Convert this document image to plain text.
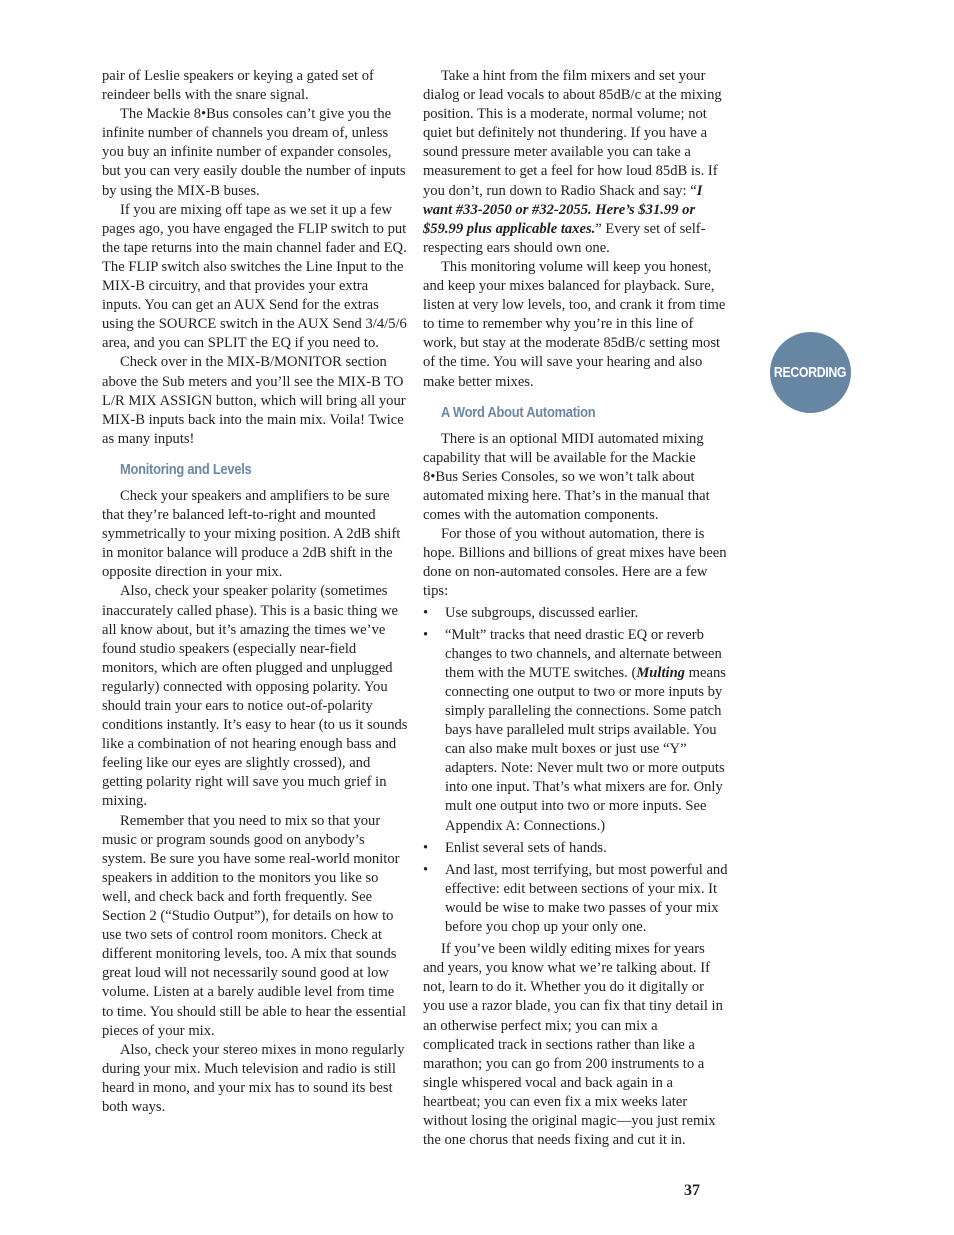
pair of Leslie speakers or keying a gated set of reindeer bells with the snare signal.

The Mackie 8•Bus consoles can’t give you the infinite number of channels you dream of, unless you buy an infinite number of expander consoles, but you can very easily double the number of inputs by using the MIX-B buses.

If you are mixing off tape as we set it up a few pages ago, you have engaged the FLIP switch to put the tape returns into the main channel fader and EQ. The FLIP switch also switches the Line Input to the MIX-B circuitry, and that provides your extra inputs. You can get an AUX Send for the extras using the SOURCE switch in the AUX Send 3/4/5/6 area, and you can SPLIT the EQ if you need to.

Check over in the MIX-B/MONITOR section above the Sub meters and you’ll see the MIX-B TO L/R MIX ASSIGN button, which will bring all your MIX-B inputs back into the main mix. Voila! Twice as many inputs!

Monitoring and Levels

Check your speakers and amplifiers to be sure that they’re balanced left-to-right and mounted symmetrically to your mixing position. A 2dB shift in monitor balance will produce a 2dB shift in the opposite direction in your mix.

Also, check your speaker polarity (sometimes inaccurately called phase). This is a basic thing we all know about, but it’s amazing the times we’ve found studio speakers (especially near-field monitors, which are often plugged and unplugged regularly) connected with opposing polarity. You should train your ears to notice out-of-polarity conditions instantly. It’s easy to hear (to us it sounds like a combination of not hearing enough bass and feeling like our eyes are slightly crossed), and getting polarity right will save you much grief in mixing.

Remember that you need to mix so that your music or program sounds good on anybody’s system. Be sure you have some real-world monitor speakers in addition to the monitors you like so well, and check back and forth frequently. See Section 2 (“Studio Output”), for details on how to use two sets of control room monitors. Check at different monitoring levels, too. A mix that sounds great loud will not necessarily sound good at low volume. Listen at a barely audible level from time to time. You should still be able to hear the essential pieces of your mix.

Also, check your stereo mixes in mono regularly during your mix. Much television and radio is still heard in mono, and your mix has to sound its best both ways.

Take a hint from the film mixers and set your dialog or lead vocals to about 85dB/c at the mixing position. This is a moderate, normal volume; not quiet but definitely not thundering. If you have a sound pressure meter available you can take a measurement to get a feel for how loud 85dB is. If you don’t, run down to Radio Shack and say: “I want #33-2050 or #32-2055. Here’s $31.99 or $59.99 plus applicable taxes.” Every set of self-respecting ears should own one.

This monitoring volume will keep you honest, and keep your mixes balanced for playback. Sure, listen at very low levels, too, and crank it from time to time to remember why you’re in this line of work, but stay at the moderate 85dB/c setting most of the time. You will save your hearing and also make better mixes.

A Word About Automation

There is an optional MIDI automated mixing capability that will be available for the Mackie 8•Bus Series Consoles, so we won’t talk about automated mixing here. That’s in the manual that comes with the automation components.

For those of you without automation, there is hope. Billions and billions of great mixes have been done on non-automated consoles. Here are a few tips:

• Use subgroups, discussed earlier.
• “Mult” tracks that need drastic EQ or reverb changes to two channels, and alternate between them with the MUTE switches. (Multing means connecting one output to two or more inputs by simply paralleling the connections. Some patch bays have paralleled mult strips available. You can also make mult boxes or just use “Y” adapters. Note: Never mult two or more outputs into one input. That’s what mixers are for. Only mult one output into two or more inputs. See Appendix A: Connections.)
• Enlist several sets of hands.
• And last, most terrifying, but most powerful and effective: edit between sections of your mix. It would be wise to make two passes of your mix before you chop up your only one.

If you’ve been wildly editing mixes for years and years, you know what we’re talking about. If not, learn to do it. Whether you do it digitally or you use a razor blade, you can fix that tiny detail in an otherwise perfect mix; you can mix a complicated track in sections rather than like a marathon; you can go from 200 instruments to a single whispered vocal and back again in a heartbeat; you can even fix a mix weeks later without losing the original magic—you just remix the one chorus that needs fixing and cut it in.

RECORDING
37
